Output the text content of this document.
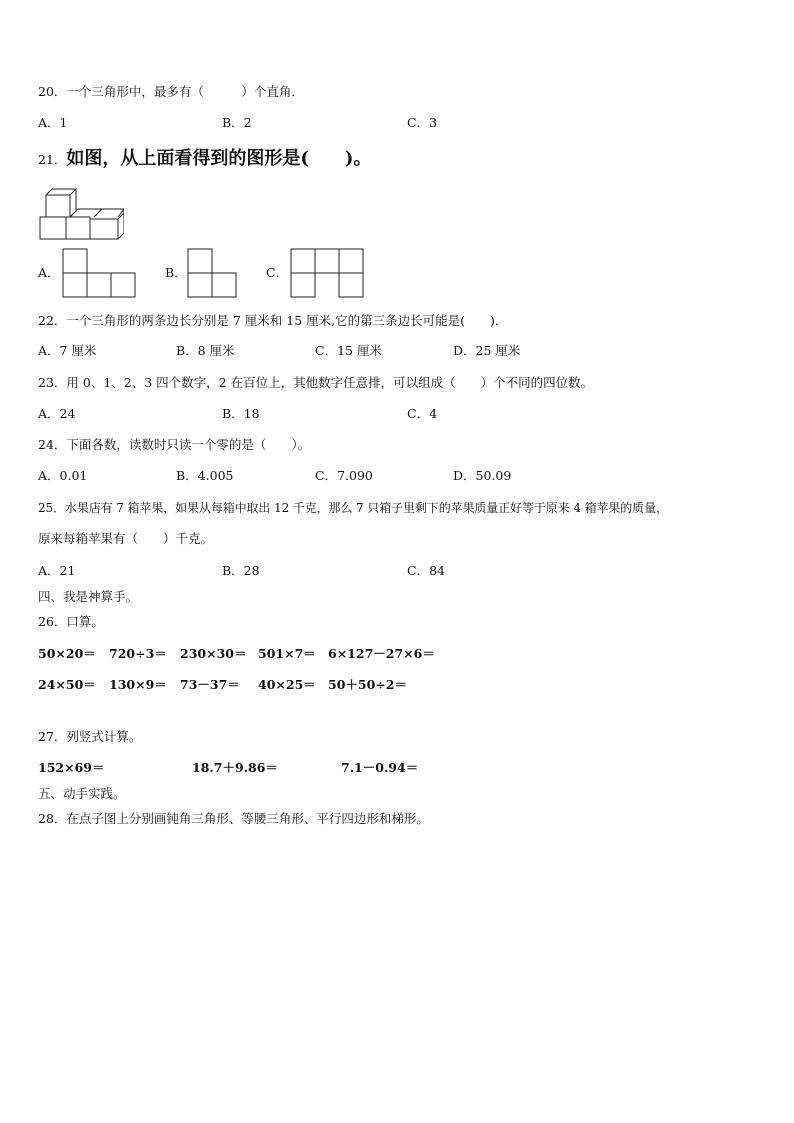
20．一个三角形中，最多有（　　　）个直角．
A．1	B．2	C．3
21．如图，从上面看得到的图形是(　　)。
A．	B．	C．
22．一个三角形的两条边长分别是 7 厘米和 15 厘米,它的第三条边长可能是(　　).
A．7 厘米	B．8 厘米	C．15 厘米	D．25 厘米
23．用 0、1、2、3 四个数字，2 在百位上，其他数字任意排，可以组成（　　）个不同的四位数。
A．24	B．18	C．4
24．下面各数，读数时只读一个零的是（　　）。
A．0.01	B．4.005	C．7.090	D．50.09
25．水果店有 7 箱苹果，如果从每箱中取出 12 千克，那么 7 只箱子里剩下的苹果质量正好等于原来 4 箱苹果的质量，
原来每箱苹果有（　　）千克。
A．21	B．28	C．84
四、我是神算手。
26．口算。
50×20＝ 720÷3＝ 230×30＝ 501×7＝ 6×127－27×6＝
24×50＝ 130×9＝ 73－37＝ 40×25＝ 50＋50÷2＝
27．列竖式计算。
152×69＝	18.7＋9.86＝	7.1－0.94＝
五、动手实践。
28．在点子图上分别画钝角三角形、等腰三角形、平行四边形和梯形。
